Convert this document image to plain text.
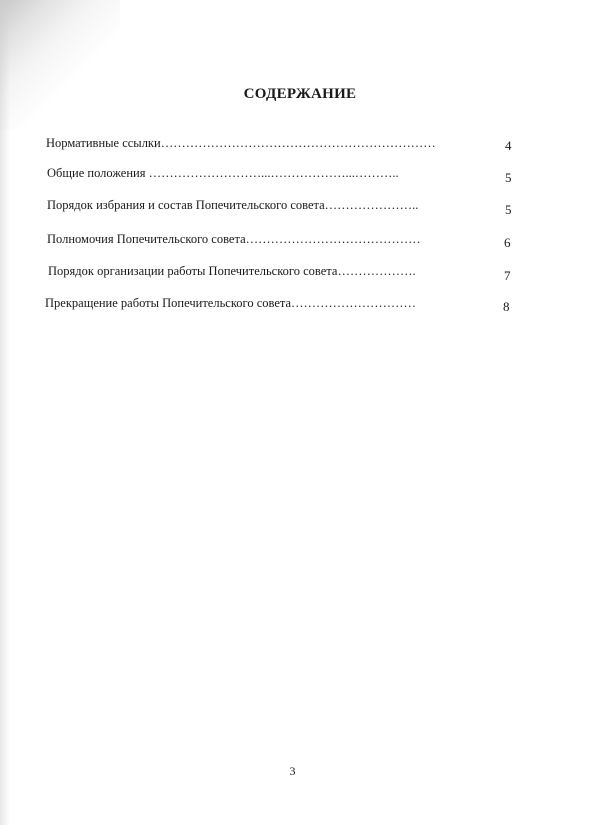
СОДЕРЖАНИЕ
Нормативные ссылки…………………………………………………………	4
Общие положения ………………………...………………...………..	5
Порядок избрания и состав Попечительского совета…………………..	5
Полномочия Попечительского совета……………………………………	6
Порядок организации работы Попечительского совета……………….	7
Прекращение работы Попечительского совета…………………………	8
3
